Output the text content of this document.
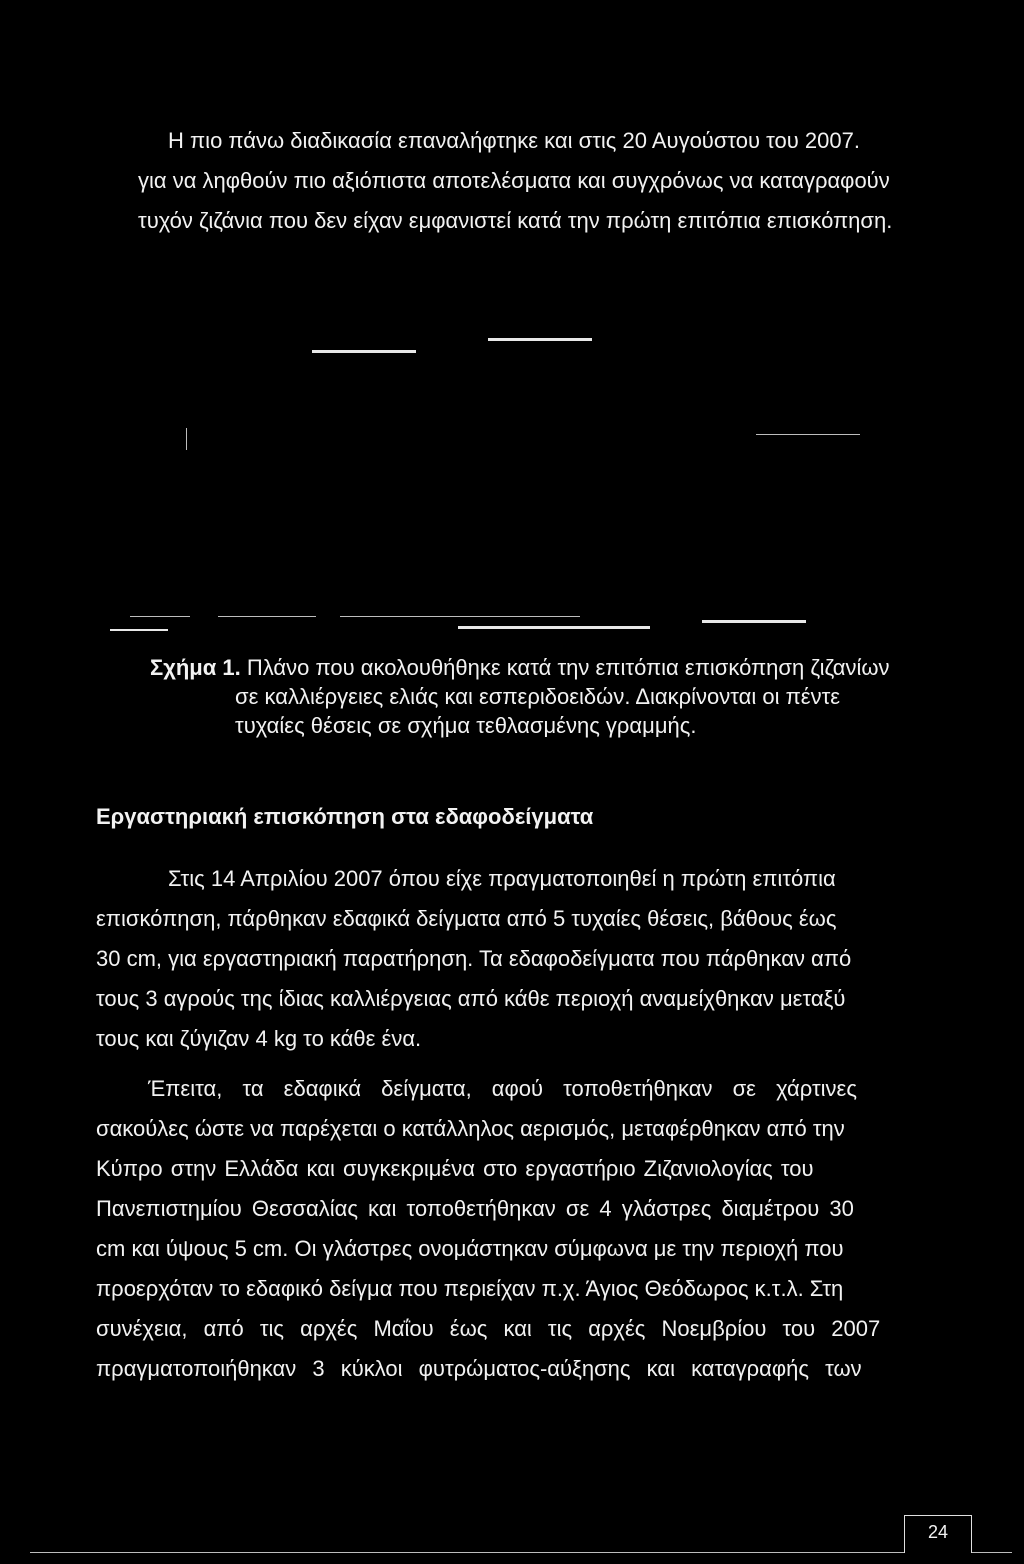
Η πιο πάνω διαδικασία επαναλήφτηκε και στις 20 Αυγούστου του 2007.
για να ληφθούν πιο αξιόπιστα αποτελέσματα και συγχρόνως να καταγραφούν
τυχόν ζιζάνια που δεν είχαν εμφανιστεί κατά την πρώτη επιτόπια επισκόπηση.
Σχήμα 1. Πλάνο που ακολουθήθηκε κατά την επιτόπια επισκόπηση ζιζανίων
σε καλλιέργειες ελιάς και εσπεριδοειδών. Διακρίνονται οι πέντε
τυχαίες θέσεις σε σχήμα τεθλασμένης γραμμής.
Εργαστηριακή επισκόπηση στα εδαφοδείγματα
Στις 14 Απριλίου 2007 όπου είχε πραγματοποιηθεί η πρώτη επιτόπια
επισκόπηση, πάρθηκαν εδαφικά δείγματα από 5 τυχαίες θέσεις, βάθους έως
30 cm, για εργαστηριακή παρατήρηση. Τα εδαφοδείγματα που πάρθηκαν από
τους 3 αγρούς της ίδιας καλλιέργειας από κάθε περιοχή αναμείχθηκαν μεταξύ
τους και ζύγιζαν 4 kg το κάθε ένα.
Έπειτα, τα εδαφικά δείγματα, αφού τοποθετήθηκαν σε χάρτινες
σακούλες ώστε να παρέχεται ο κατάλληλος αερισμός, μεταφέρθηκαν από την
Κύπρο στην Ελλάδα και συγκεκριμένα στο εργαστήριο Ζιζανιολογίας του
Πανεπιστημίου Θεσσαλίας και τοποθετήθηκαν σε 4 γλάστρες διαμέτρου 30
cm και ύψους 5 cm. Οι γλάστρες ονομάστηκαν σύμφωνα με την περιοχή που
προερχόταν το εδαφικό δείγμα που περιείχαν π.χ. Άγιος Θεόδωρος κ.τ.λ. Στη
συνέχεια, από τις αρχές Μαΐου έως και τις αρχές Νοεμβρίου του 2007
πραγματοποιήθηκαν 3 κύκλοι φυτρώματος-αύξησης και καταγραφής των
24
